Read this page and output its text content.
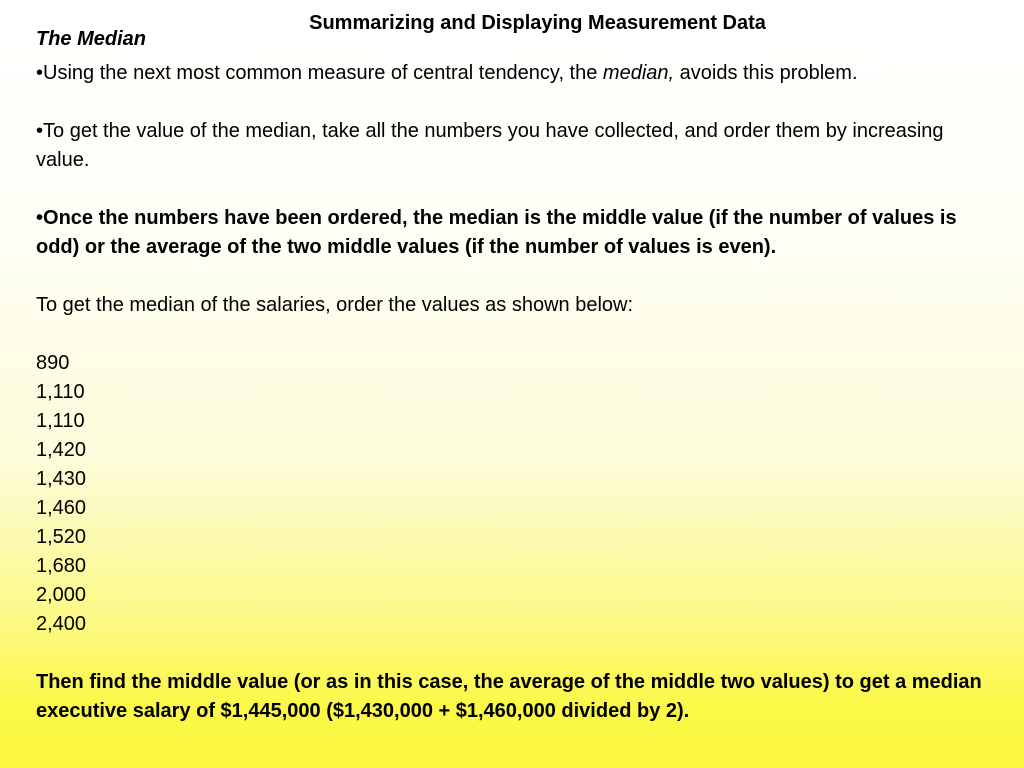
Summarizing and Displaying Measurement Data
The Median

•Using the next most common measure of central tendency, the median, avoids this problem.

•To get the value of the median, take all the numbers you have collected, and order them by increasing value.

•Once the numbers have been ordered, the median is the middle value (if the number of values is odd) or the average of the two middle values (if the number of values is even).

To get the median of the salaries, order the values as shown below:

890
1,110
1,110
1,420
1,430
1,460
1,520
1,680
2,000
2,400

Then find the middle value (or as in this case, the average of the middle two values) to get a median executive salary of $1,445,000 ($1,430,000 + $1,460,000 divided by 2).
